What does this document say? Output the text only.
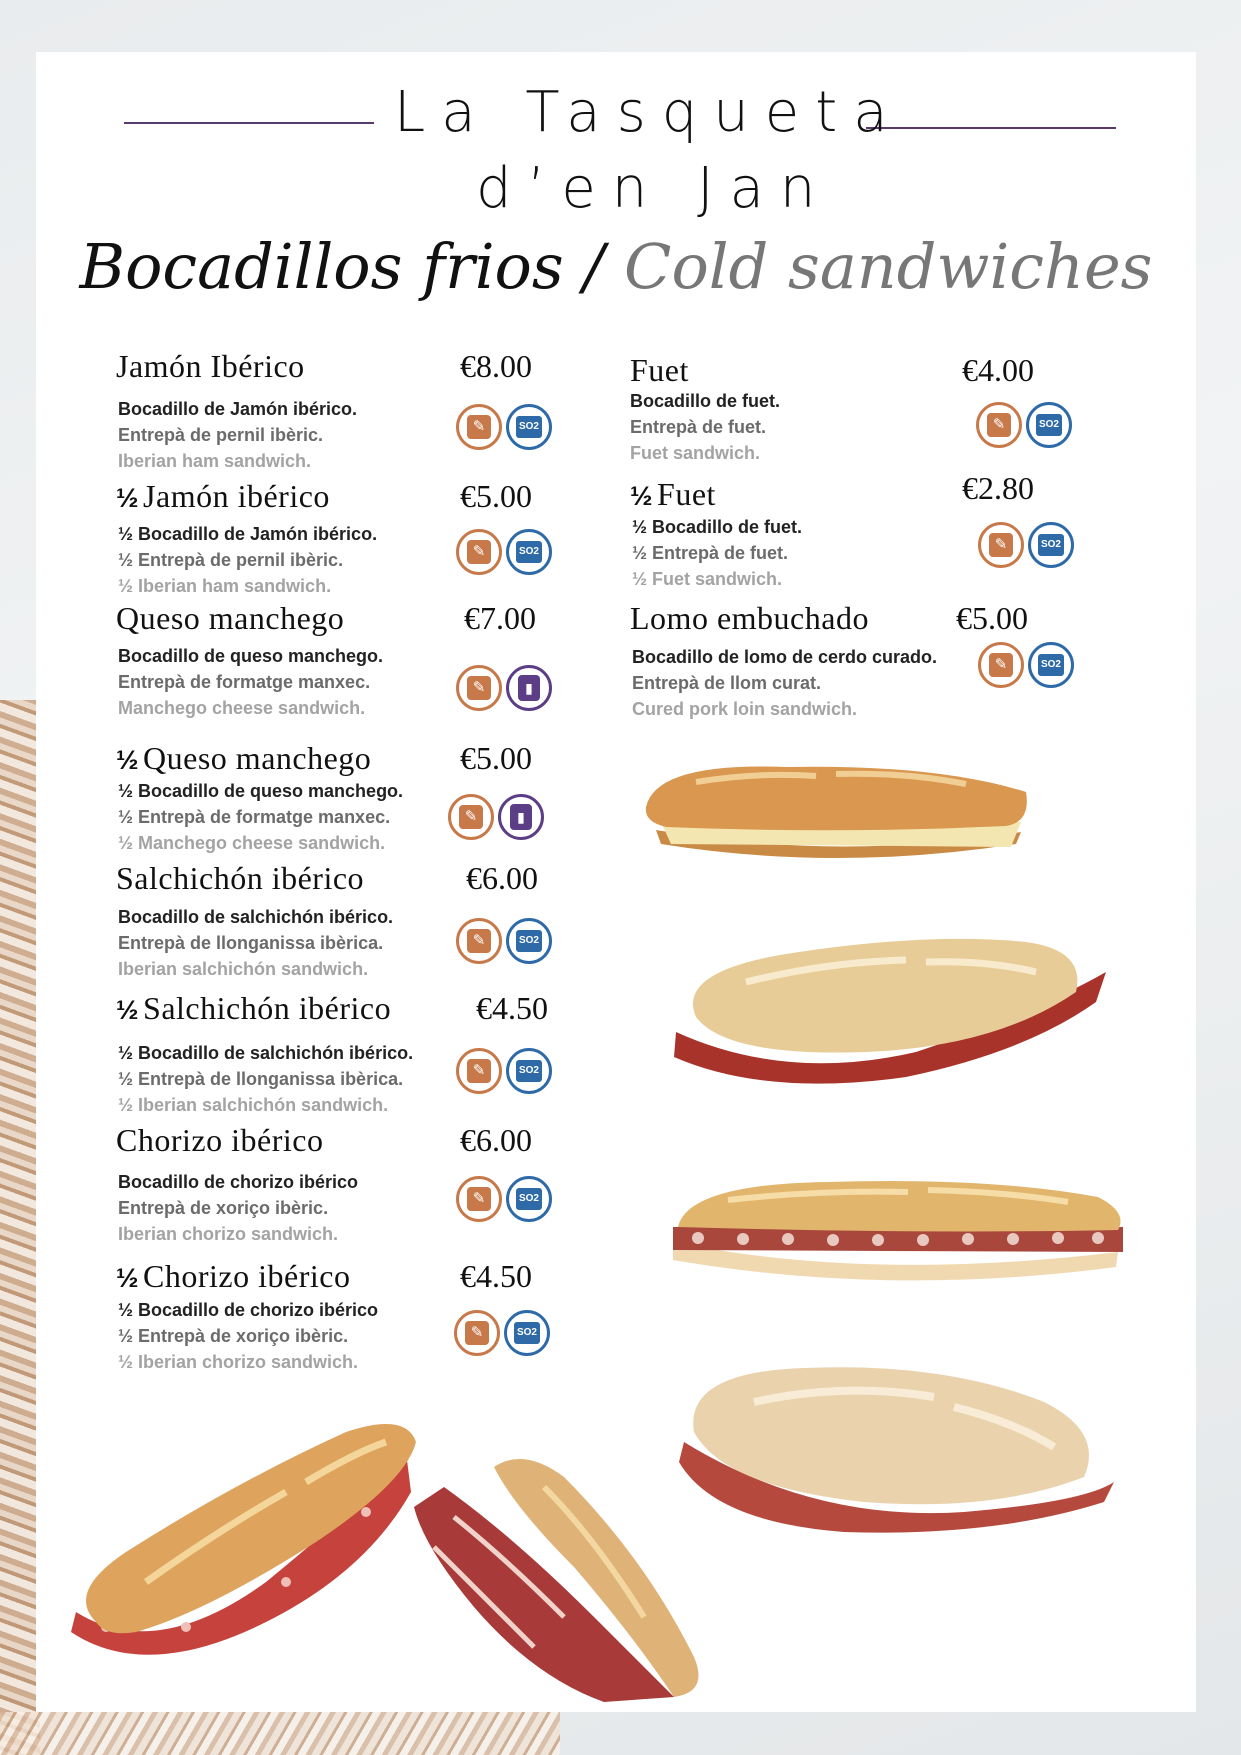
La Tasqueta
d’en Jan
Bocadillos frios / Cold sandwiches
Jamón Ibérico	€8.00
Bocadillo de Jamón ibérico.
Entrepà de pernil ibèric.
Iberian ham sandwich.
✎	SO2
½ Jamón ibérico	€5.00
½ Bocadillo de Jamón ibérico.
½ Entrepà de pernil ibèric.
½ Iberian ham sandwich.
✎	SO2
Queso manchego	€7.00
Bocadillo de queso manchego.
Entrepà de formatge manxec.
Manchego cheese sandwich.
✎	▮
½ Queso manchego	€5.00
½ Bocadillo de queso manchego.
½ Entrepà de formatge manxec.
½ Manchego cheese sandwich.
✎	▮
Salchichón ibérico	€6.00
Bocadillo de salchichón ibérico.
Entrepà de llonganissa ibèrica.
Iberian salchichón sandwich.
✎	SO2
½ Salchichón ibérico	€4.50
½ Bocadillo de salchichón ibérico.
½ Entrepà de llonganissa ibèrica.
½ Iberian salchichón sandwich.
✎	SO2
Chorizo ibérico	€6.00
Bocadillo de chorizo ibérico
Entrepà de xoriço ibèric.
Iberian chorizo sandwich.
✎	SO2
½ Chorizo ibérico	€4.50
½ Bocadillo de chorizo ibérico
½ Entrepà de xoriço ibèric.
½ Iberian chorizo sandwich.
✎	SO2
Fuet	€4.00
Bocadillo de fuet.
Entrepà de fuet.
Fuet sandwich.
✎	SO2
½ Fuet	€2.80
½ Bocadillo de fuet.
½ Entrepà de fuet.
½ Fuet sandwich.
✎	SO2
Lomo embuchado	€5.00
Bocadillo de lomo de cerdo curado.
Entrepà de llom curat.
Cured pork loin sandwich.
✎	SO2
